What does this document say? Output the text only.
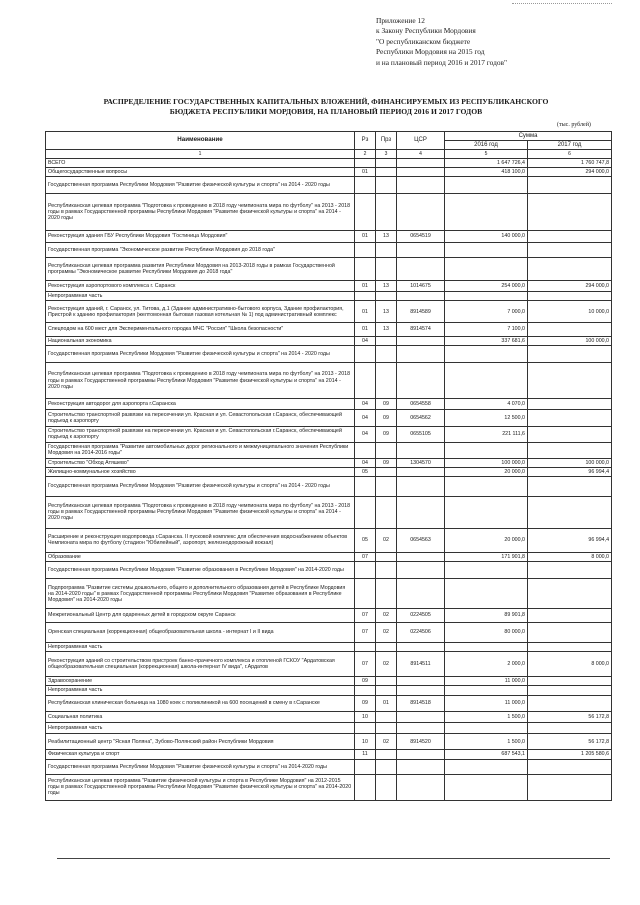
Приложение 12
к Закону Республики Мордовия
"О республиканском бюджете
Республики Мордовия на 2015 год
и на плановый период 2016 и 2017 годов"
РАСПРЕДЕЛЕНИЕ ГОСУДАРСТВЕННЫХ КАПИТАЛЬНЫХ ВЛОЖЕНИЙ, ФИНАНСИРУЕМЫХ ИЗ РЕСПУБЛИКАНСКОГО
БЮДЖЕТА РЕСПУБЛИКИ МОРДОВИЯ, НА ПЛАНОВЫЙ ПЕРИОД 2016 И 2017 ГОДОВ
(тыс. рублей)
Наименование	Рз	Прз	ЦСР	Сумма	
				2016 год	2017 год
1	2	3	4	5	6
ВСЕГО				1 647 726,4	1 760 747,8
Общегосударственные вопросы	01			418 100,0	294 000,0
Государственная программа Республики Мордовия "Развитие физической культуры и спорта" на 2014 - 2020 годы					
Республиканская целевая программа "Подготовка к проведению в 2018 году чемпионата мира по футболу" на 2013 - 2018 годы в рамках Государственной программы Республики Мордовия "Развитие физической культуры и спорта" на 2014 - 2020 годы					
Реконструкция здания ГБУ Республики Мордовия "Гостиница Мордовия"	01	13	0654519	140 000,0	
Государственная программа "Экономическое развитие Республики Мордовия до 2018 года"					
Республиканская целевая программа развития Республики Мордовия на 2013-2018 годы в рамках Государственной программы "Экономическое развитие Республики Мордовия до 2018 года"					
Реконструкция аэропортового комплекса г. Саранск	01	13	1014675	254 000,0	294 000,0
Непрограммная часть					
Реконструкция зданий, г. Саранск, ул. Титова, д.1 (Здание административно-бытового корпуса, Здание профилактория, Пристрой к зданию профилактория (желтомонная бытовая газовая котельная № 1) под административный комплекс	01	13	8914589	7 000,0	10 000,0
Спецподом на 600 мест для Экспериментального городка МЧС "Россия" "Школа безопасности"	01	13	8914574	7 100,0	
Национальная экономика	04			337 681,6	100 000,0
Государственная программа Республики Мордовия "Развитие физической культуры и спорта" на 2014 - 2020 годы					
Республиканская целевая программа "Подготовка к проведению в 2018 году чемпионата мира по футболу" на 2013 - 2018 годы в рамках Государственной программы Республики Мордовия "Развитие физической культуры и спорта" на 2014 - 2020 годы					
Реконструкция автодорог для аэропорта г.Саранска	04	09	0654558	4 070,0	
Строительство транспортной развязки на пересечении ул. Красная и ул. Севастопольская г.Саранск, обеспечивающей подъезд к аэропорту	04	09	0654562	12 500,0	
Строительство транспортной развязки на пересечении ул. Красная и ул. Севастопольская г.Саранск, обеспечивающей подъезд к аэропорту	04	09	0655105	221 111,6	
Государственная программа "Развитие автомобильных дорог регионального и межмуниципального значения Республики Мордовия на 2014-2016 годы"					
Строительство "Обход Атяшево"	04	09	1304570	100 000,0	100 000,0
Жилищно-коммунальное хозяйство	05			20 000,0	96 994,4
Государственная программа Республики Мордовия "Развитие физической культуры и спорта" на 2014 - 2020 годы					
Республиканская целевая программа "Подготовка к проведению в 2018 году чемпионата мира по футболу" на 2013 - 2018 годы в рамках Государственной программы Республики Мордовия "Развитие физической культуры и спорта" на 2014 - 2020 годы					
Расширение и реконструкция водопровода г.Саранска. II пусковой комплекс для обеспечения водоснабжением объектов Чемпионата мира по футболу (стадион "Юбилейный", аэропорт, железнодорожный вокзал)	05	02	0654563	20 000,0	96 994,4
Образование	07			171 901,8	8 000,0
Государственная программа Республики Мордовия "Развитие образования в Республике Мордовия" на 2014-2020 годы					
Подпрограмма "Развитие системы дошкольного, общего и дополнительного образования детей в Республике Мордовия на 2014-2020 годы" в рамках Государственной программы Республики Мордовия "Развитие образования в Республике Мордовия" на 2014-2020 годы					
Межрегиональный Центр для одаренных детей в городском округе Саранск	07	02	0224505	89 901,8	
Оренская специальная (коррекционная) общеобразовательная школа - интернат I и II вида	07	02	0224506	80 000,0	
Непрограммная часть					
Реконструкция зданий со строительством пристроек банно-прачечного комплекса и отопленой ГСКОУ "Ардатовская общеобразовательная специальная (коррекционная) школа-интернат IV вида", г.Ардатов	07	02	8914511	2 000,0	8 000,0
Здравоохранение	09			11 000,0	
Непрограммная часть					
Республиканская клиническая больница на 1080 коек с поликлиникой на 600 посещений в смену в г.Саранске	09	01	8914518	11 000,0	
Социальная политика	10			1 500,0	56 172,8
Непрограммная часть					
Реабилитационный центр "Ясная Поляна", Зубово-Полянский район Республики Мордовия	10	02	8914520	1 500,0	56 172,8
Физическая культура и спорт	11			687 543,1	1 205 580,6
Государственная программа Республики Мордовия "Развитие физической культуры и спорта" на 2014-2020 годы					
Республиканская целевая программа "Развитие физической культуры и спорта в Республике Мордовия" на 2012-2015 годы в рамках Государственной программы Республики Мордовия "Развитие физической культуры и спорта" на 2014-2020 годы					
